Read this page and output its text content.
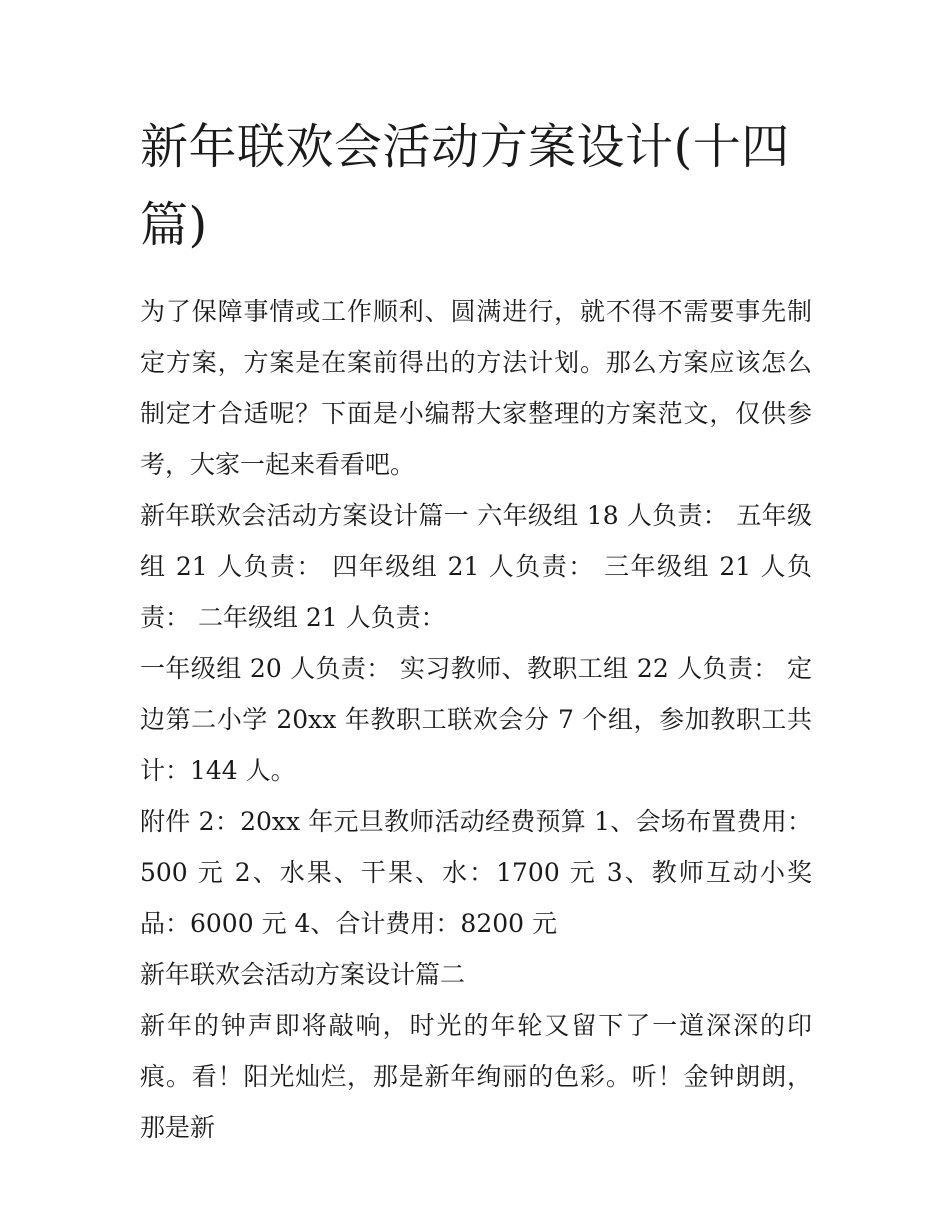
新年联欢会活动方案设计(十四篇)

为了保障事情或工作顺利、圆满进行，就不得不需要事先制定方案，方案是在案前得出的方法计划。那么方案应该怎么制定才合适呢？下面是小编帮大家整理的方案范文，仅供参考，大家一起来看看吧。

新年联欢会活动方案设计篇一 六年级组 18 人负责： 五年级组 21 人负责： 四年级组 21 人负责： 三年级组 21 人负责： 二年级组 21 人负责：

一年级组 20 人负责： 实习教师、教职工组 22 人负责： 定边第二小学 20xx 年教职工联欢会分 7 个组，参加教职工共计：144 人。

附件 2：20xx 年元旦教师活动经费预算 1、会场布置费用：500 元 2、水果、干果、水：1700 元 3、教师互动小奖品：6000 元 4、合计费用：8200 元

新年联欢会活动方案设计篇二

新年的钟声即将敲响，时光的年轮又留下了一道深深的印痕。看！阳光灿烂，那是新年绚丽的色彩。听！金钟朗朗，那是新
